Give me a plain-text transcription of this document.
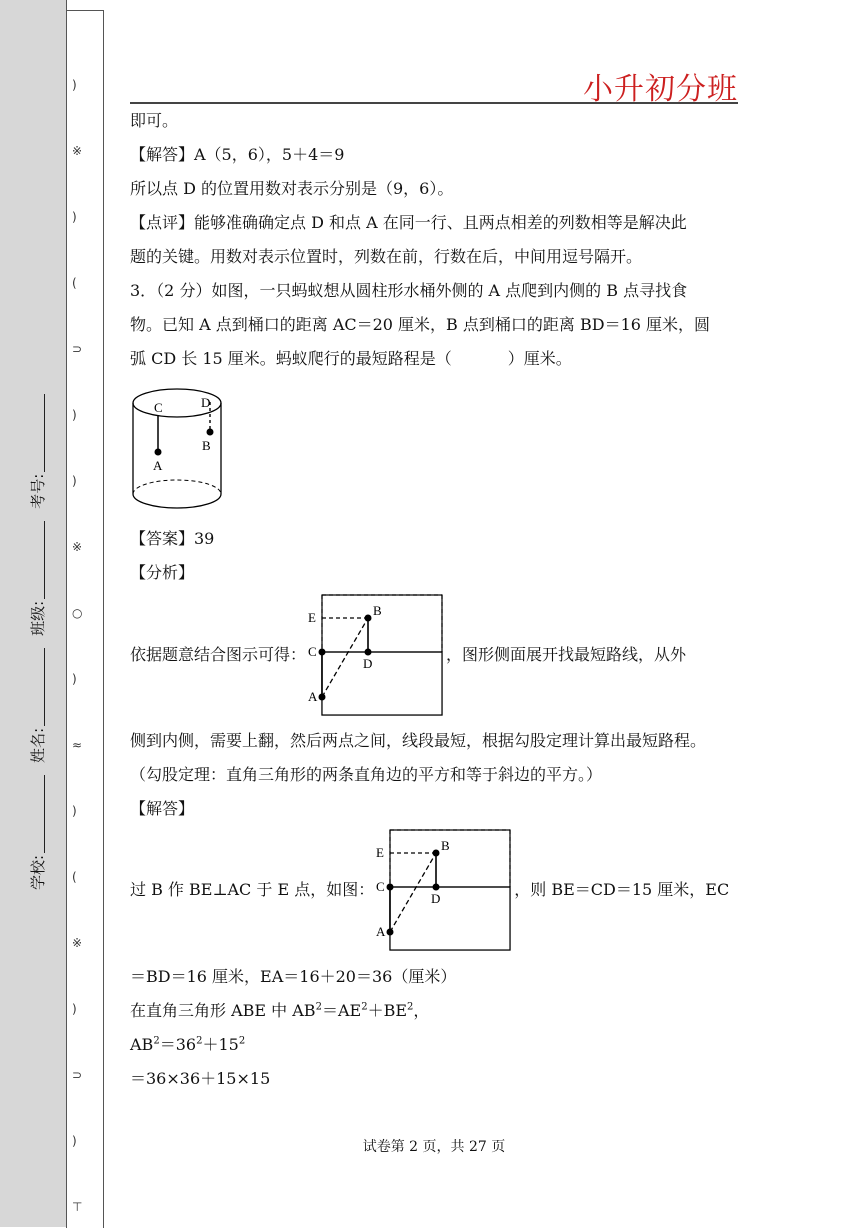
学校:
姓名:
班级:
考号:
)
※
)
(
⊃
)
)
※
○
)
≈
)
(
※
)
⊃
)
⊤
小升初分班

即可。

【解答】A（5，6），5＋4＝9

所以点 D 的位置用数对表示分别是（9，6）。

【点评】能够准确确定点 D 和点 A 在同一行、且两点相差的列数相等是解决此

题的关键。用数对表示位置时，列数在前，行数在后，中间用逗号隔开。

3．（2 分）如图，一只蚂蚁想从圆柱形水桶外侧的 A 点爬到内侧的 B 点寻找食

物。已知 A 点到桶口的距离 AC＝20 厘米，B 点到桶口的距离 BD＝16 厘米，圆

弧 CD 长 15 厘米。蚂蚁爬行的最短路程是（	）厘米。

C	D
A
B

【答案】39

【分析】

依据题意结合图示可得：
E	B
C
D
A
，图形侧面展开找最短路线，从外

侧到内侧，需要上翻，然后两点之间，线段最短，根据勾股定理计算出最短路程。

（勾股定理：直角三角形的两条直角边的平方和等于斜边的平方。）

【解答】

过 B 作 BE⊥AC 于 E 点，如图：
E	B
C
D
A
，则 BE＝CD＝15 厘米，EC

＝BD＝16 厘米，EA＝16＋20＝36（厘米）

在直角三角形 ABE 中 $AB^2=AE^2+BE^2$，

$AB^2=36^2+15^2$

＝36×36＋15×15

试卷第 2 页，共 27 页
